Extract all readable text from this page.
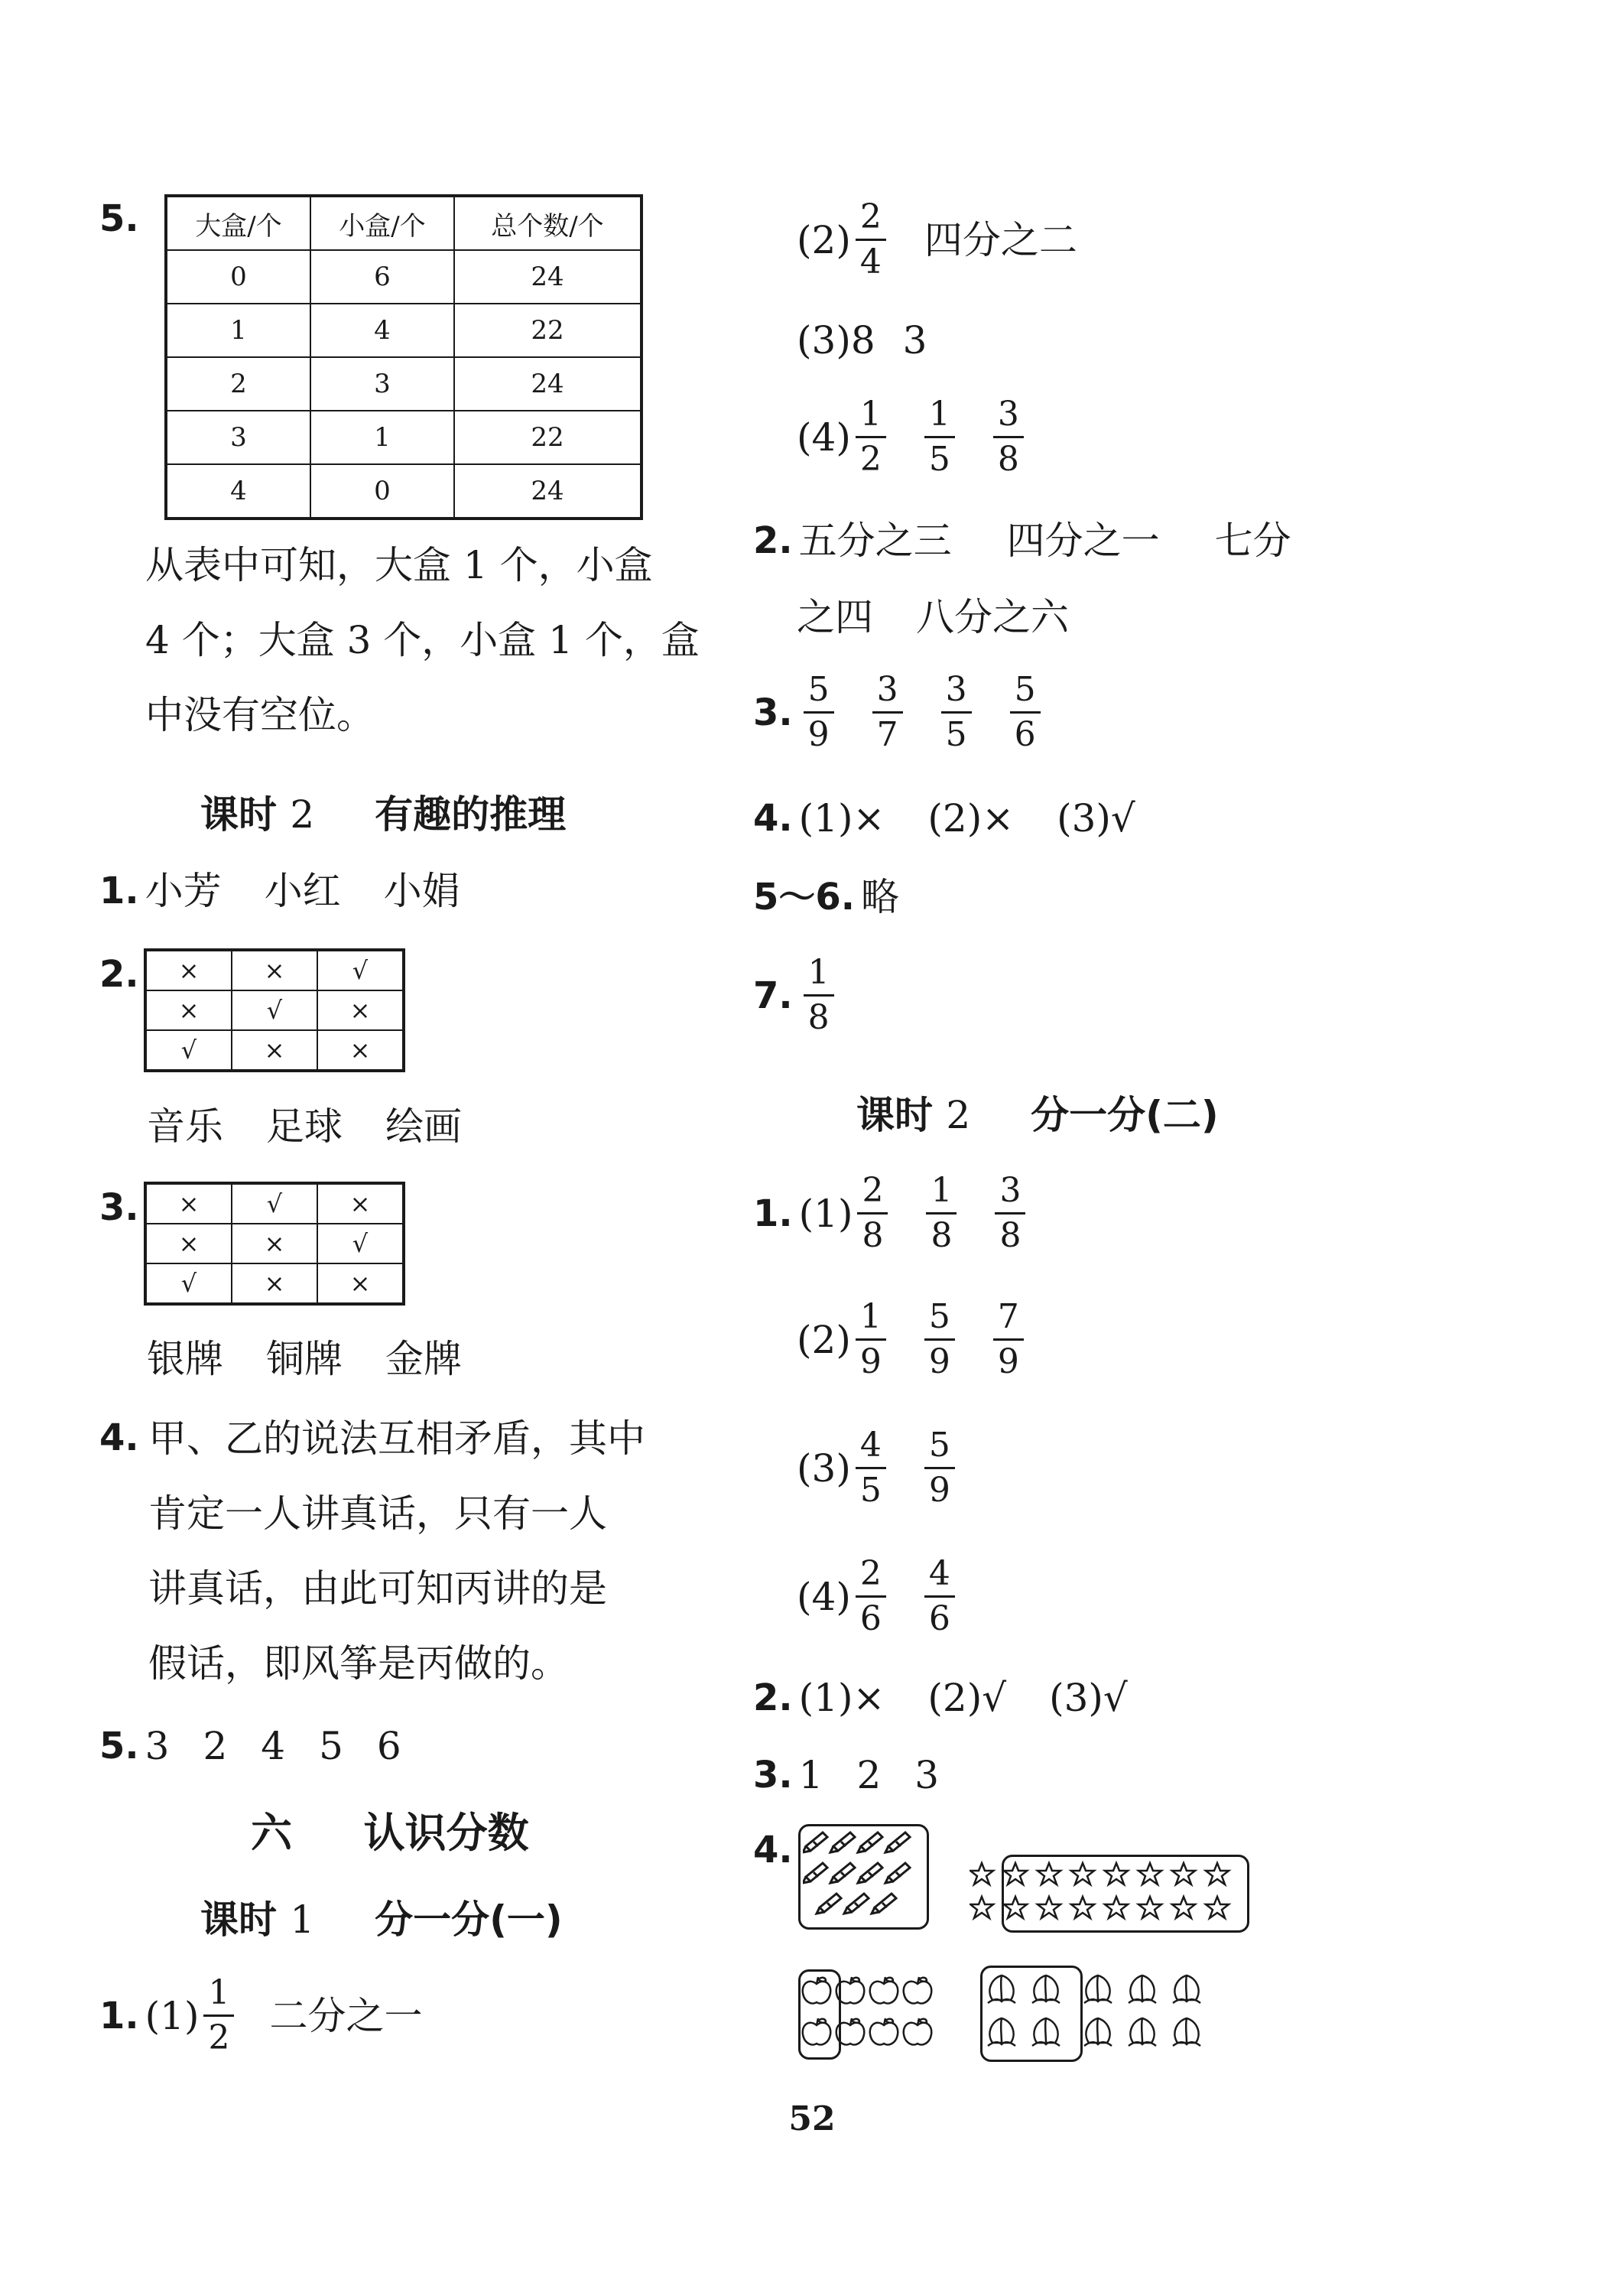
5. 大盒/个	小盒/个	总个数/个
0	6	24
1	4	22
2	3	24
3	1	22
4	0	24
从表中可知，大盒 1 个，小盒
4 个；大盒 3 个，小盒 1 个，盒
中没有空位。
课时 2 有趣的推理
1. 小芳 小红 小娟
2. ×	×	√
×	√	×
√	×	×
音乐 足球 绘画
3. ×	√	×
×	×	√
√	×	×
银牌 铜牌 金牌
4. 甲、乙的说法互相矛盾，其中
肯定一人讲真话，只有一人
讲真话，由此可知丙讲的是
假话，即风筝是丙做的。
5. 3 2 4 5 6
六 认识分数
课时 1 分一分(一)
1. $(1) \frac{1}{2}$ 二分之一
$(2) \frac{2}{4}$ 四分之二
(3) 8 3
$(4) \frac{1}{2} \frac{1}{5} \frac{3}{8}$
2. 五分之三 四分之一 七分
之四 八分之六
3. $\frac{5}{9} \frac{3}{7} \frac{3}{5} \frac{5}{6}$
4. (1)× (2)× (3)√
5～6. 略
7. $\frac{1}{8}$
课时 2 分一分(二)
1. $(1) \frac{2}{8} \frac{1}{8} \frac{3}{8}$
$(2) \frac{1}{9} \frac{5}{9} \frac{7}{9}$
$(3) \frac{4}{5} \frac{5}{9}$
$(4) \frac{2}{6} \frac{4}{6}$
2. (1)× (2)√ (3)√
3. 1 2 3
4.
52
